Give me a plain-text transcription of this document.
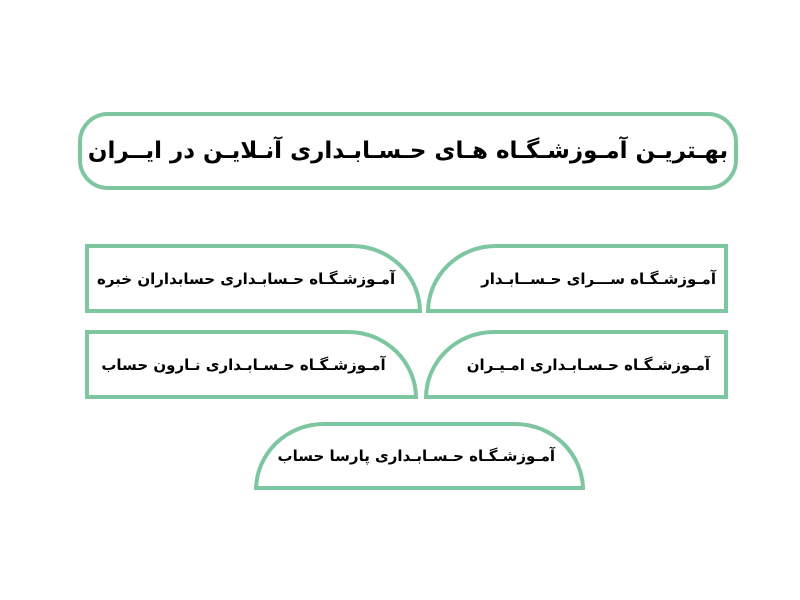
بهـتریـن آمـوزشـگـاه هـای حـسـابـداری آنـلایـن در ایــران
آمـوزشـگـاه ســـرای حـســابـدار
آمـوزشـگـاه حـسابـداری حسابداران خبره
آمـوزشـگـاه حـسـابـداری امـیـران
آمـوزشـگـاه حـسـابـداری نـارون حساب
آمـوزشـگـاه حـسـابـداری پارسا حساب
